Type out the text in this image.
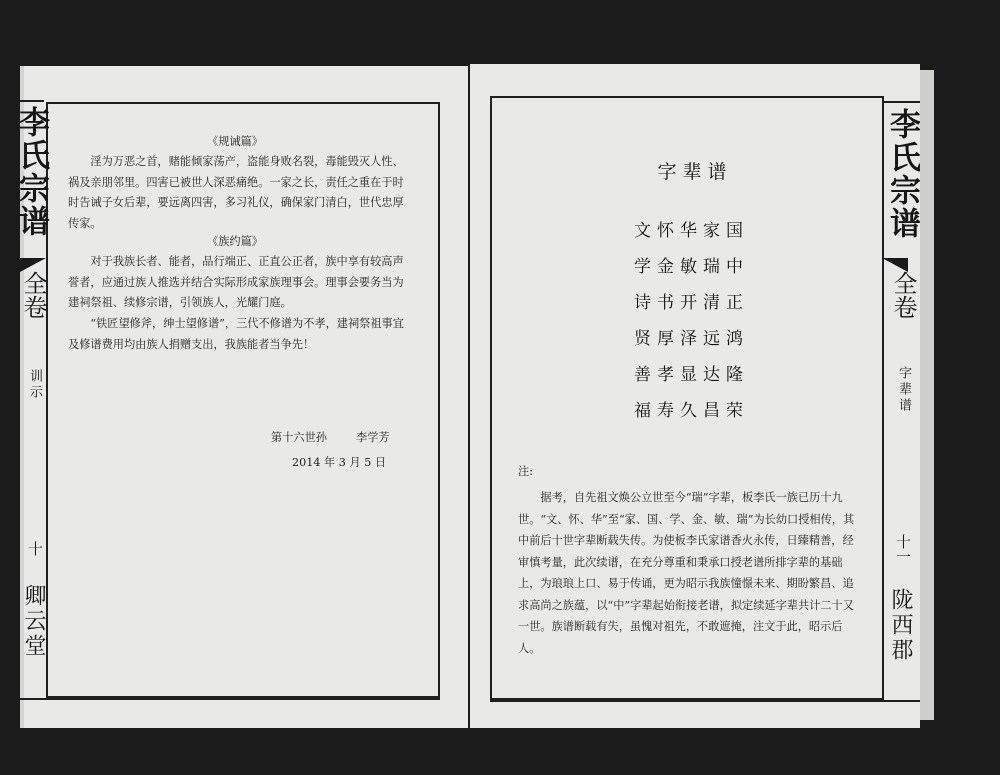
李氏宗谱
全卷
训示
十
卿云堂
《规诫篇》
淫为万恶之首，赌能倾家荡产，盗能身败名裂，毒能毁灭人性、祸及亲朋邻里。四害已被世人深恶痛绝。一家之长，责任之重在于时时告诫子女后辈，要远离四害，多习礼仪，确保家门清白，世代忠厚传家。
《族约篇》
对于我族长者、能者，品行端正、正直公正者，族中享有较高声誉者，应通过族人推选并结合实际形成家族理事会。理事会要务当为建祠祭祖、续修宗谱，引领族人，光耀门庭。
“铁匠望修斧，绅士望修谱”，三代不修谱为不孝，建祠祭祖事宜及修谱费用均由族人捐赠支出，我族能者当争先！
第十六世孙	李学芳
2014 年 3 月 5 日
字辈谱
文怀华家国
学金敏瑞中
诗书开清正
贤厚泽远鸿
善孝显达隆
福寿久昌荣
注:
据考，自先祖文焕公立世至今“瑞”字辈，板李氏一族已历十九世。“文、怀、华”至“家、国、学、金、敏、瑞”为长幼口授相传，其中前后十世字辈断载失传。为使板李氏家谱香火永传，日臻精善，经审慎考量，此次续谱，在充分尊重和秉承口授老谱所排字辈的基础上，为琅琅上口、易于传诵，更为昭示我族憧憬未来、期盼繁昌、追求高尚之族蕴，以“中”字辈起始衔接老谱，拟定续延字辈共计二十又一世。族谱断载有失，虽愧对祖先，不敢遮掩，注文于此，昭示后人。
李氏宗谱
全卷
字辈谱
十一
陇西郡
